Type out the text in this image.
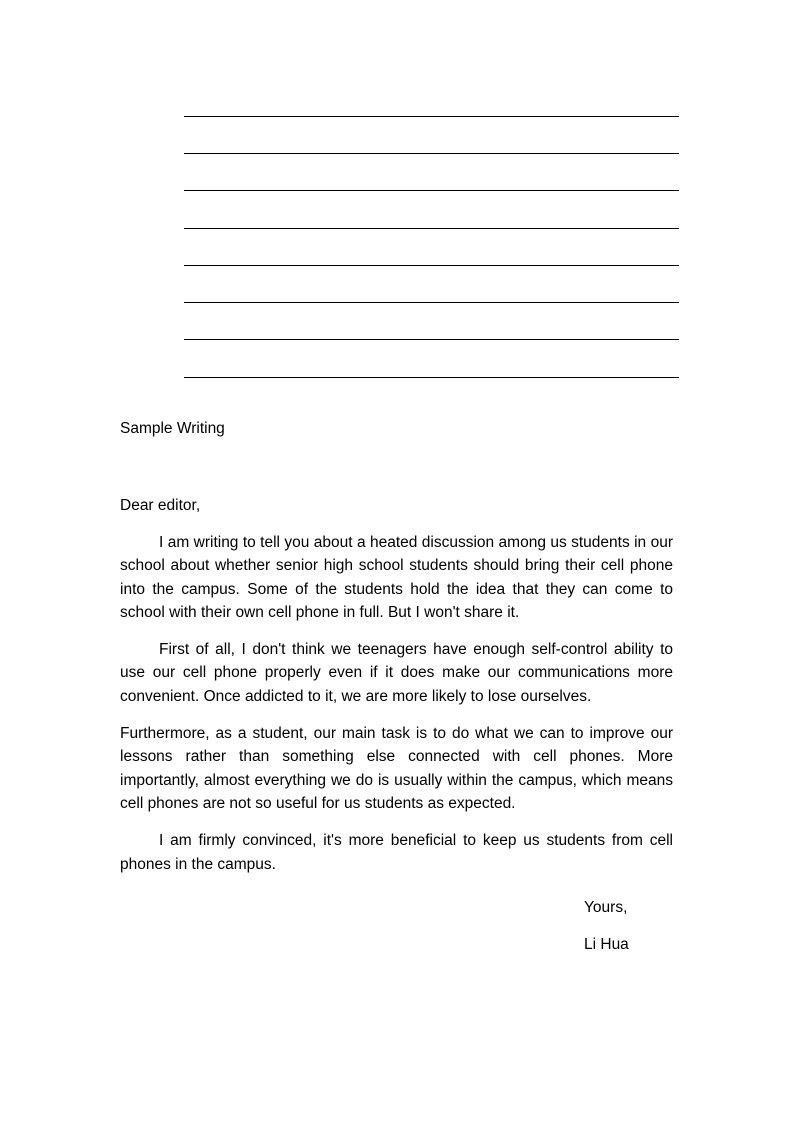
Sample Writing

Dear editor,

I am writing to tell you about a heated discussion among us students in our school about whether senior high school students should bring their cell phone into the campus. Some of the students hold the idea that they can come to school with their own cell phone in full. But I won't share it.

First of all, I don't think we teenagers have enough self-control ability to use our cell phone properly even if it does make our communications more convenient. Once addicted to it, we are more likely to lose ourselves.

Furthermore, as a student, our main task is to do what we can to improve our lessons rather than something else connected with cell phones. More importantly, almost everything we do is usually within the campus, which means cell phones are not so useful for us students as expected.

I am firmly convinced, it's more beneficial to keep us students from cell phones in the campus.

Yours,

Li Hua
